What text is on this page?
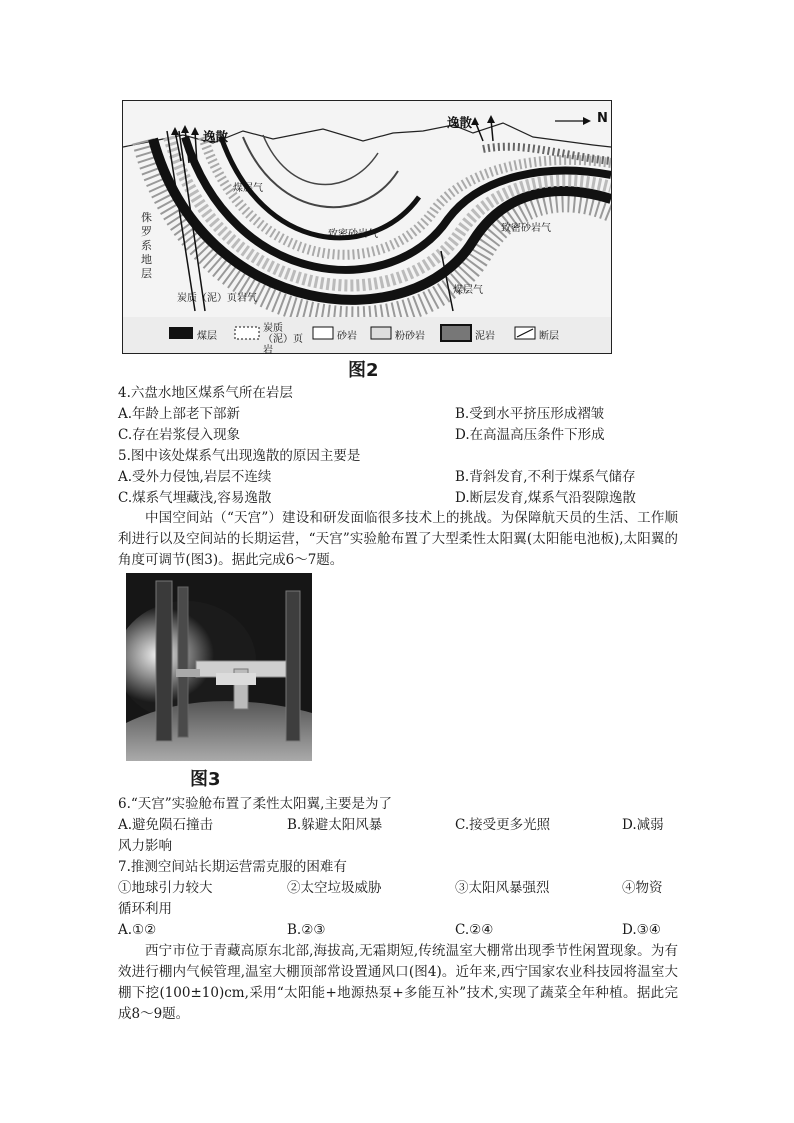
逸散
逸散	N
侏
罗
系
地
层
煤层气
致密砂岩气
炭质（泥）页岩气
致密砂岩气
煤层气
煤层
炭质（泥）页岩
砂岩	粉砂岩	泥岩	断层
图2
4.六盘水地区煤系气所在岩层
A.年龄上部老下部新	B.受到水平挤压形成褶皱
C.存在岩浆侵入现象	D.在高温高压条件下形成
5.图中该处煤系气出现逸散的原因主要是
A.受外力侵蚀,岩层不连续	B.背斜发育,不利于煤系气储存
C.煤系气埋藏浅,容易逸散	D.断层发育,煤系气沿裂隙逸散
中国空间站（“天宫”）建设和研发面临很多技术上的挑战。为保障航天员的生活、工作顺利进行以及空间站的长期运营，“天宫”实验舱布置了大型柔性太阳翼(太阳能电池板),太阳翼的角度可调节(图3)。据此完成6～7题。
图3
6.“天宫”实验舱布置了柔性太阳翼,主要是为了
A.避免陨石撞击	B.躲避太阳风暴	C.接受更多光照	D.减弱
风力影响
7.推测空间站长期运营需克服的困难有
①地球引力较大	②太空垃圾威胁	③太阳风暴强烈	④物资
循环利用
A.①②	B.②③	C.②④	D.③④
西宁市位于青藏高原东北部,海拔高,无霜期短,传统温室大棚常出现季节性闲置现象。为有效进行棚内气候管理,温室大棚顶部常设置通风口(图4)。近年来,西宁国家农业科技园将温室大棚下挖(100±10)cm,采用“太阳能+地源热泵+多能互补”技术,实现了蔬菜全年种植。据此完成8～9题。
